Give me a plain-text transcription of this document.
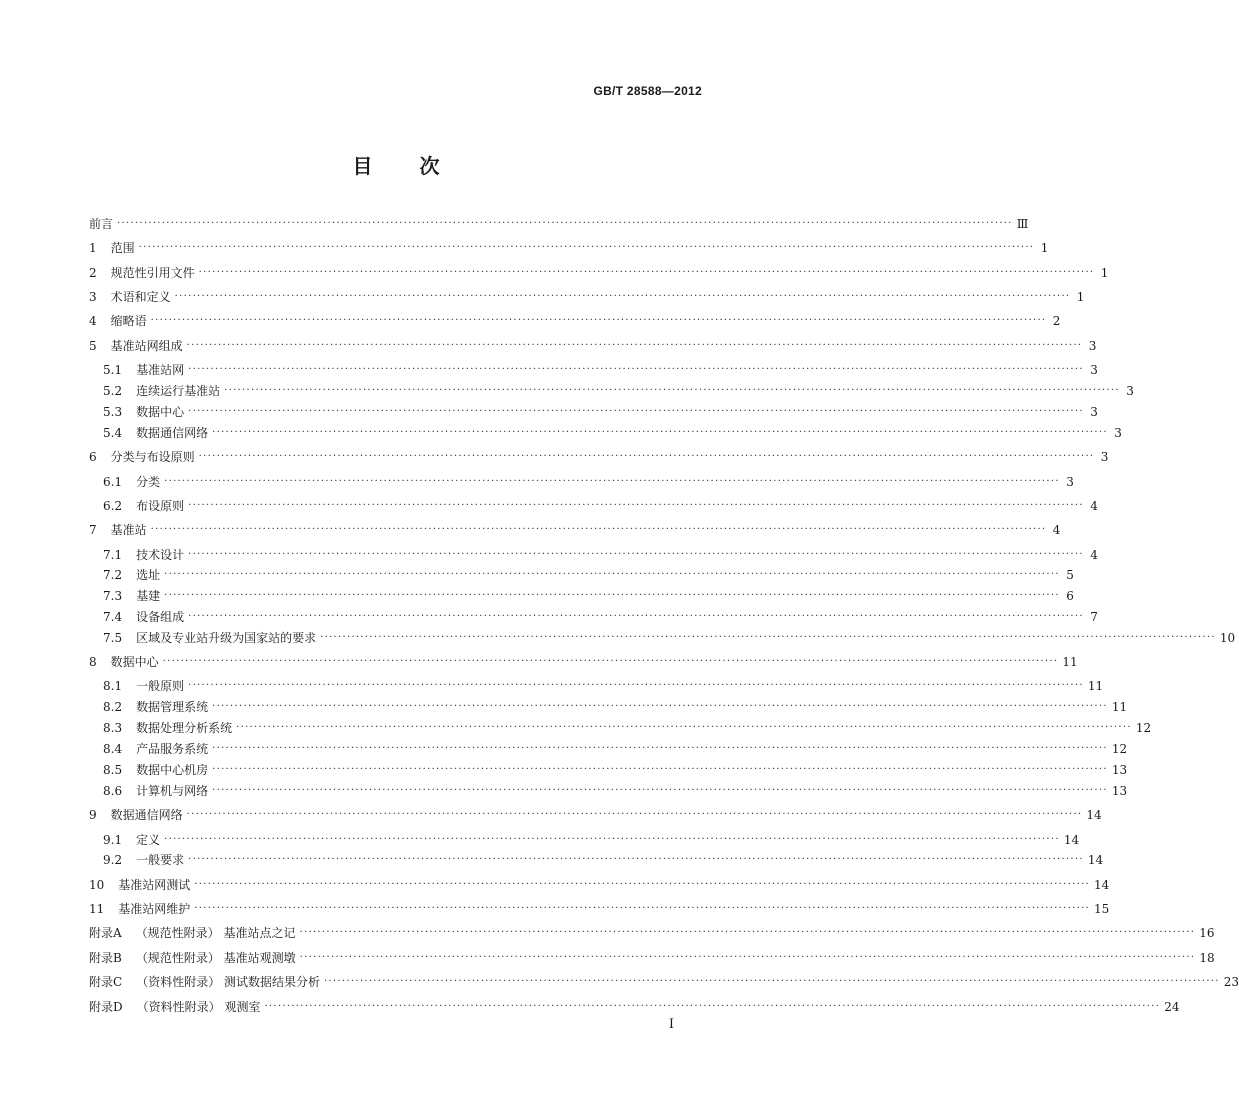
GB/T 28588—2012
目 次
前言 ········································································································································································································ Ⅲ
1 范围 ········································································································································································································ 1
2 规范性引用文件 ········································································································································································································ 1
3 术语和定义 ········································································································································································································ 1
4 缩略语 ········································································································································································································ 2
5 基准站网组成 ········································································································································································································ 3
5.1 基准站网 ········································································································································································································ 3
5.2 连续运行基准站 ········································································································································································································ 3
5.3 数据中心 ········································································································································································································ 3
5.4 数据通信网络 ········································································································································································································ 3
6 分类与布设原则 ········································································································································································································ 3
6.1 分类 ········································································································································································································ 3
6.2 布设原则 ········································································································································································································ 4
7 基准站 ········································································································································································································ 4
7.1 技术设计 ········································································································································································································ 4
7.2 选址 ········································································································································································································ 5
7.3 基建 ········································································································································································································ 6
7.4 设备组成 ········································································································································································································ 7
7.5 区域及专业站升级为国家站的要求 ········································································································································································································ 10
8 数据中心 ········································································································································································································ 11
8.1 一般原则 ········································································································································································································ 11
8.2 数据管理系统 ········································································································································································································ 11
8.3 数据处理分析系统 ········································································································································································································ 12
8.4 产品服务系统 ········································································································································································································ 12
8.5 数据中心机房 ········································································································································································································ 13
8.6 计算机与网络 ········································································································································································································ 13
9 数据通信网络 ········································································································································································································ 14
9.1 定义 ········································································································································································································ 14
9.2 一般要求 ········································································································································································································ 14
10 基准站网测试 ········································································································································································································ 14
11 基准站网维护 ········································································································································································································ 15
附录A （规范性附录） 基准站点之记 ········································································································································································································ 16
附录B （规范性附录） 基准站观测墩 ········································································································································································································ 18
附录C （资料性附录） 测试数据结果分析 ········································································································································································································ 23
附录D （资料性附录） 观测室 ········································································································································································································ 24
I
